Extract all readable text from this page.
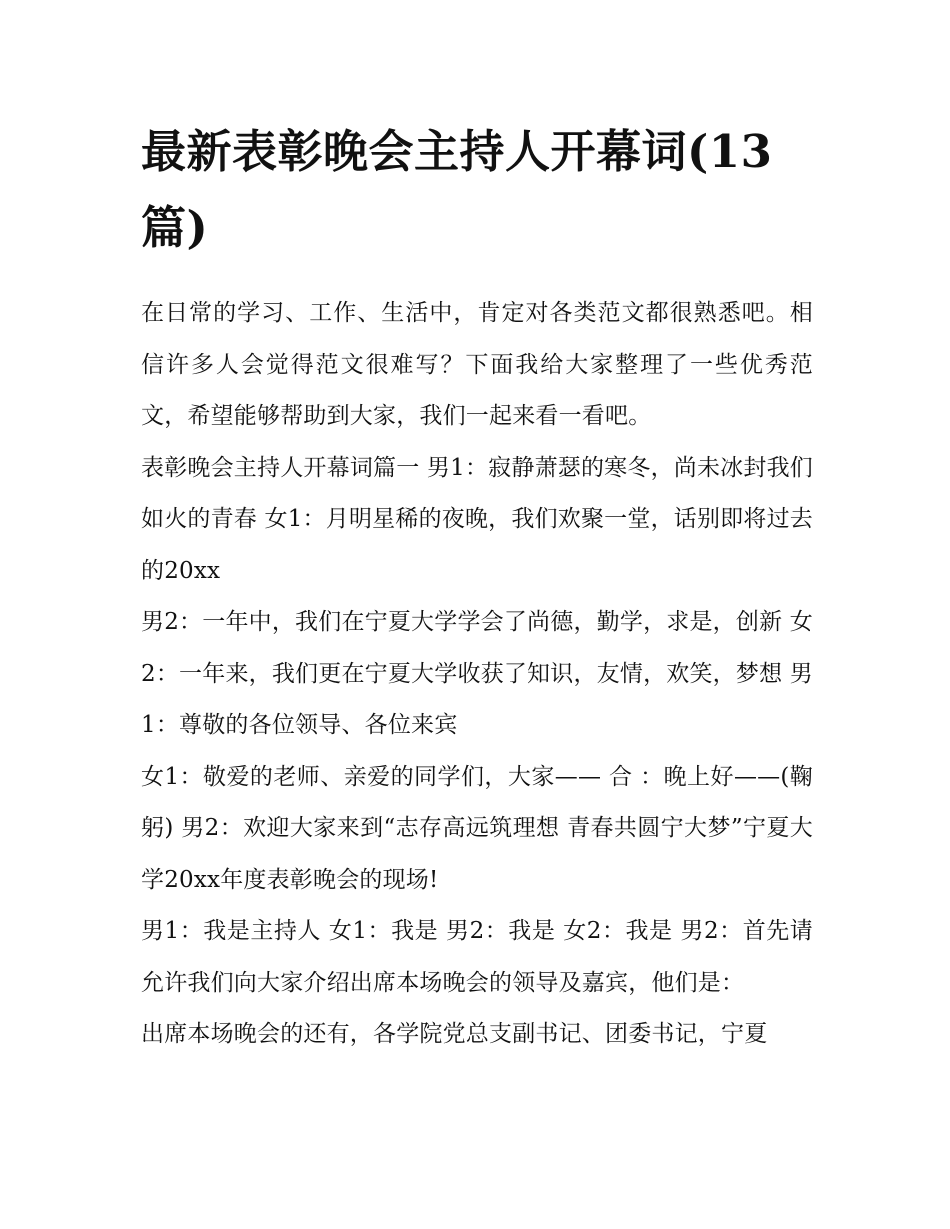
最新表彰晚会主持人开幕词(13篇)

在日常的学习、工作、生活中，肯定对各类范文都很熟悉吧。相信许多人会觉得范文很难写？下面我给大家整理了一些优秀范文，希望能够帮助到大家，我们一起来看一看吧。

表彰晚会主持人开幕词篇一 男1：寂静萧瑟的寒冬，尚未冰封我们如火的青春 女1：月明星稀的夜晚，我们欢聚一堂，话别即将过去的20xx

男2：一年中，我们在宁夏大学学会了尚德，勤学，求是，创新 女2：一年来，我们更在宁夏大学收获了知识，友情，欢笑，梦想 男1：尊敬的各位领导、各位来宾

女1：敬爱的老师、亲爱的同学们，大家—— 合 ：晚上好——(鞠躬) 男2：欢迎大家来到“志存高远筑理想 青春共圆宁大梦”宁夏大学20xx年度表彰晚会的现场!

男1：我是主持人 女1：我是 男2：我是 女2：我是 男2：首先请允许我们向大家介绍出席本场晚会的领导及嘉宾，他们是：

出席本场晚会的还有，各学院党总支副书记、团委书记，宁夏
